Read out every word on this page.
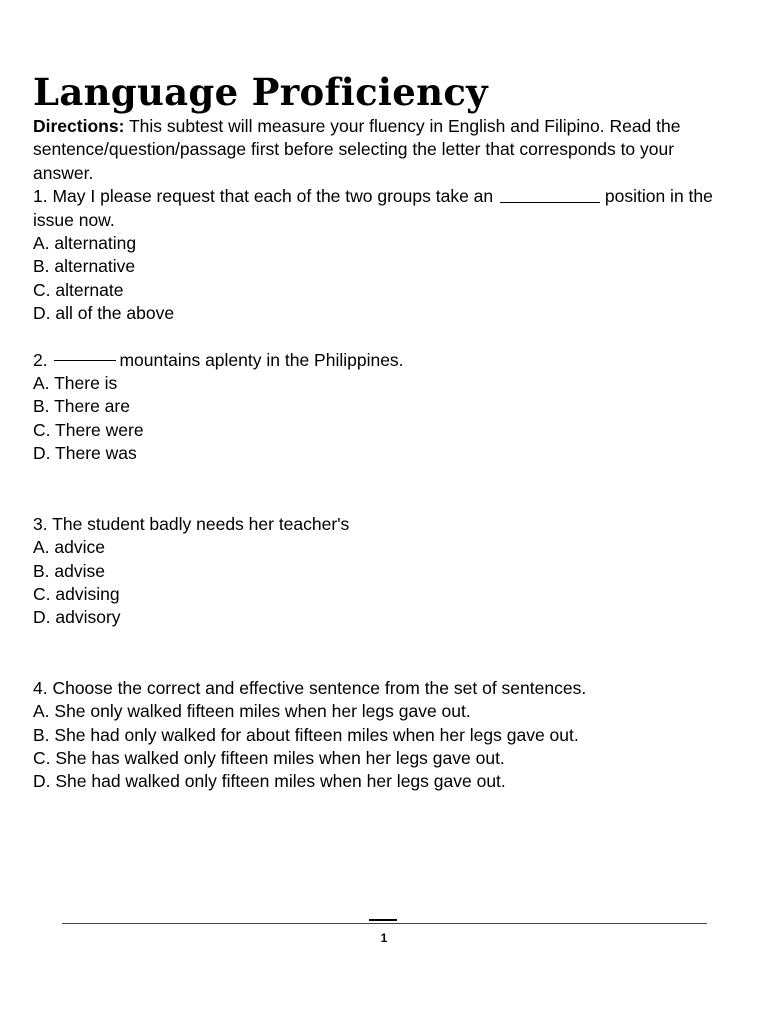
Language Proficiency

Directions: This subtest will measure your fluency in English and Filipino. Read the sentence/question/passage first before selecting the letter that corresponds to your answer.

1. May I please request that each of the two groups take an	position in the issue now.

A. alternating

B. alternative

C. alternate

D. all of the above

2.	mountains aplenty in the Philippines.

A. There is

B. There are

C. There were

D. There was

3. The student badly needs her teacher's

A. advice

B. advise

C. advising

D. advisory

4. Choose the correct and effective sentence from the set of sentences.

A. She only walked fifteen miles when her legs gave out.

B. She had only walked for about fifteen miles when her legs gave out.

C. She has walked only fifteen miles when her legs gave out.

D. She had walked only fifteen miles when her legs gave out.

1
